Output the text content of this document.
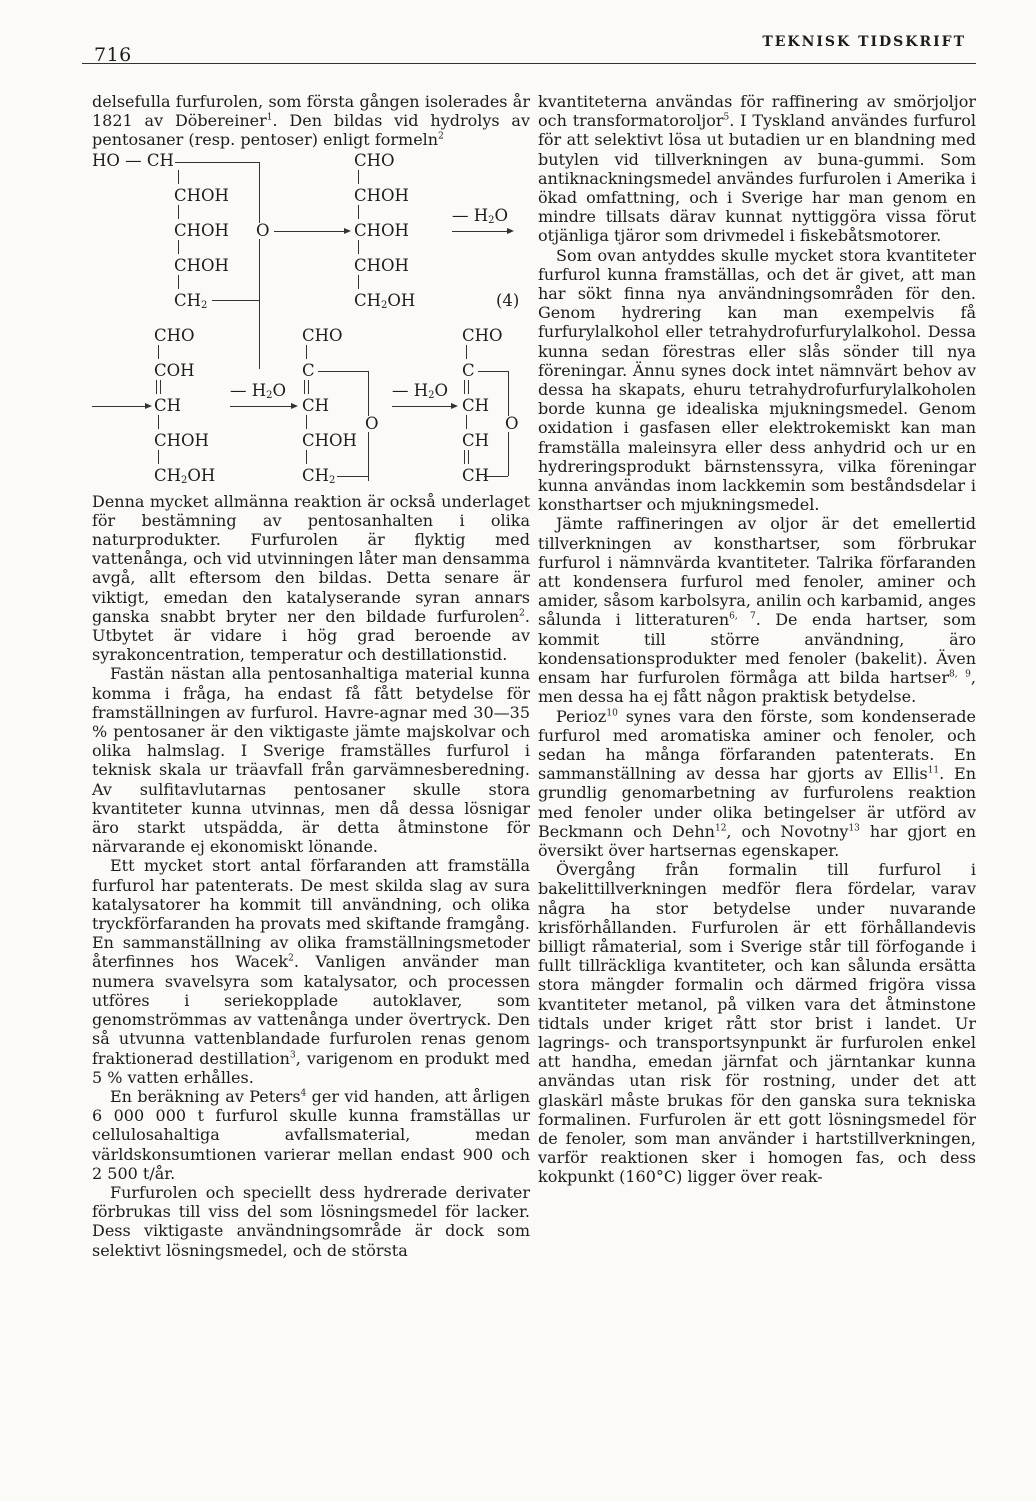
716
TEKNISK TIDSKRIFT

delsefulla furfurolen, som första gången isolerades år 1821 av Döbereiner$^1$. Den bildas vid hydrolys av pentosaner (resp. pentoser) enligt formeln$^2$

HO — CH
CHOH
CHOH O
CHOH
$CH_2$
CHO
CHOH
CHOH
CHOH
$CH_2OH$
— $H_2O$
(4)
CHO
COH
CH
CHOH
$CH_2OH$
— $H_2O$
CHO
C
CH
O
CHOH
$CH_2$
— $H_2O$
CHO
C
CH
O
CH
CH

Denna mycket allmänna reaktion är också underlaget för bestämning av pentosanhalten i olika naturprodukter. Furfurolen är flyktig med vattenånga, och vid utvinningen låter man densamma avgå, allt eftersom den bildas. Detta senare är viktigt, emedan den katalyserande syran annars ganska snabbt bryter ner den bildade furfurolen$^2$. Utbytet är vidare i hög grad beroende av syrakoncentration, temperatur och destillationstid.

Fastän nästan alla pentosanhaltiga material kunna komma i fråga, ha endast få fått betydelse för framställningen av furfurol. Havre-agnar med 30—35 % pentosaner är den viktigaste jämte majskolvar och olika halmslag. I Sverige framställes furfurol i teknisk skala ur träavfall från garvämnesberedning. Av sulfitavlutarnas pentosaner skulle stora kvantiteter kunna utvinnas, men då dessa lösnigar äro starkt utspädda, är detta åtminstone för närvarande ej ekonomiskt lönande.

Ett mycket stort antal förfaranden att framställa furfurol har patenterats. De mest skilda slag av sura katalysatorer ha kommit till användning, och olika tryckförfaranden ha provats med skiftande framgång. En sammanställning av olika framställningsmetoder återfinnes hos Wacek$^2$. Vanligen använder man numera svavelsyra som katalysator, och processen utföres i seriekopplade autoklaver, som genomströmmas av vattenånga under övertryck. Den så utvunna vattenblandade furfurolen renas genom fraktionerad destillation$^3$, varigenom en produkt med 5 % vatten erhålles.

En beräkning av Peters$^4$ ger vid handen, att årligen 6 000 000 t furfurol skulle kunna framställas ur cellulosahaltiga avfallsmaterial, medan världskonsumtionen varierar mellan endast 900 och 2 500 t/år.

Furfurolen och speciellt dess hydrerade derivater förbrukas till viss del som lösningsmedel för lacker. Dess viktigaste användningsområde är dock som selektivt lösningsmedel, och de största

kvantiteterna användas för raffinering av smörjoljor och transformatoroljor$^5$. I Tyskland användes furfurol för att selektivt lösa ut butadien ur en blandning med butylen vid tillverkningen av buna-gummi. Som antiknackningsmedel användes furfurolen i Amerika i ökad omfattning, och i Sverige har man genom en mindre tillsats därav kunnat nyttiggöra vissa förut otjänliga tjäror som drivmedel i fiskebåtsmotorer.

Som ovan antyddes skulle mycket stora kvantiteter furfurol kunna framställas, och det är givet, att man har sökt finna nya användningsområden för den. Genom hydrering kan man exempelvis få furfurylalkohol eller tetrahydrofurfurylalkohol. Dessa kunna sedan förestras eller slås sönder till nya föreningar. Ännu synes dock intet nämnvärt behov av dessa ha skapats, ehuru tetrahydrofurfurylalkoholen borde kunna ge idealiska mjukningsmedel. Genom oxidation i gasfasen eller elektrokemiskt kan man framställa maleinsyra eller dess anhydrid och ur en hydreringsprodukt bärnstenssyra, vilka föreningar kunna användas inom lackkemin som beståndsdelar i konsthartser och mjukningsmedel.

Jämte raffineringen av oljor är det emellertid tillverkningen av konsthartser, som förbrukar furfurol i nämnvärda kvantiteter. Talrika förfaranden att kondensera furfurol med fenoler, aminer och amider, såsom karbolsyra, anilin och karbamid, anges sålunda i litteraturen$^{6, 7}$. De enda hartser, som kommit till större användning, äro kondensationsprodukter med fenoler (bakelit). Även ensam har furfurolen förmåga att bilda hartser$^{8, 9}$, men dessa ha ej fått någon praktisk betydelse.

Perioz$^{10}$ synes vara den förste, som kondenserade furfurol med aromatiska aminer och fenoler, och sedan ha många förfaranden patenterats. En sammanställning av dessa har gjorts av Ellis$^{11}$. En grundlig genomarbetning av furfurolens reaktion med fenoler under olika betingelser är utförd av Beckmann och Dehn$^{12}$, och Novotny$^{13}$ har gjort en översikt över hartsernas egenskaper.

Övergång från formalin till furfurol i bakelittillverkningen medför flera fördelar, varav några ha stor betydelse under nuvarande krisförhållanden. Furfurolen är ett förhållandevis billigt råmaterial, som i Sverige står till förfogande i fullt tillräckliga kvantiteter, och kan sålunda ersätta stora mängder formalin och därmed frigöra vissa kvantiteter metanol, på vilken vara det åtminstone tidtals under kriget rått stor brist i landet. Ur lagrings- och transportsynpunkt är furfurolen enkel att handha, emedan järnfat och järntankar kunna användas utan risk för rostning, under det att glaskärl måste brukas för den ganska sura tekniska formalinen. Furfurolen är ett gott lösningsmedel för de fenoler, som man använder i hartstillverkningen, varför reaktionen sker i homogen fas, och dess kokpunkt (160°C) ligger över reak-
